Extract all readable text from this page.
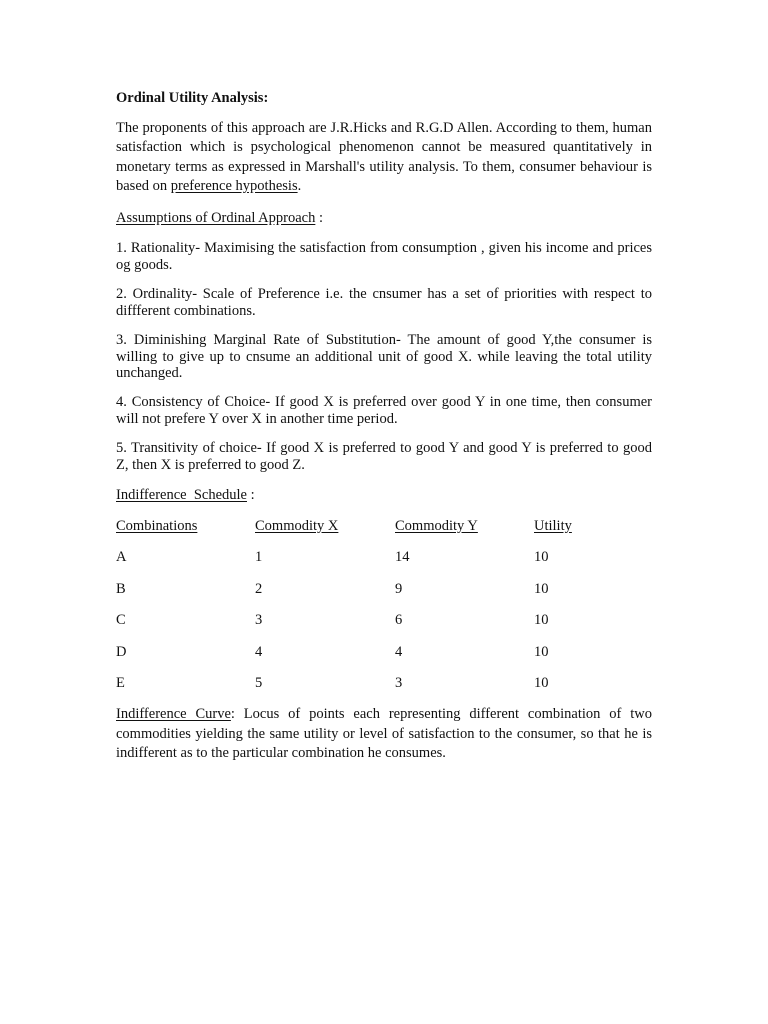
Ordinal Utility Analysis:
The proponents of this approach are J.R.Hicks and R.G.D Allen. According to them, human satisfaction which is psychological phenomenon cannot be measured quantitatively in monetary terms as expressed in Marshall's utility analysis. To them, consumer behaviour is based on preference hypothesis.
Assumptions of Ordinal Approach :
1. Rationality- Maximising the satisfaction from consumption , given his income and prices og goods.
2. Ordinality- Scale of Preference i.e. the cnsumer has a set of priorities with respect to diffferent combinations.
3. Diminishing Marginal Rate of Substitution- The amount of good Y,the consumer is willing to give up to cnsume an additional unit of good X. while leaving the total utility unchanged.
4. Consistency of Choice- If good X is preferred over good Y in one time, then consumer will not prefere Y over X in another time period.
5. Transitivity of choice- If good X is preferred to good Y and good Y is preferred to good Z, then X is preferred to good Z.
Indifference  Schedule :
Combinations	Commodity X	Commodity Y	Utility
A	1	14	10
B	2	9	10
C	3	6	10
D	4	4	10
E	5	3	10
Indifference Curve: Locus of points each representing different combination of two commodities yielding the same utility or level of satisfaction to the consumer, so that he is indifferent as to the particular combination he consumes.
